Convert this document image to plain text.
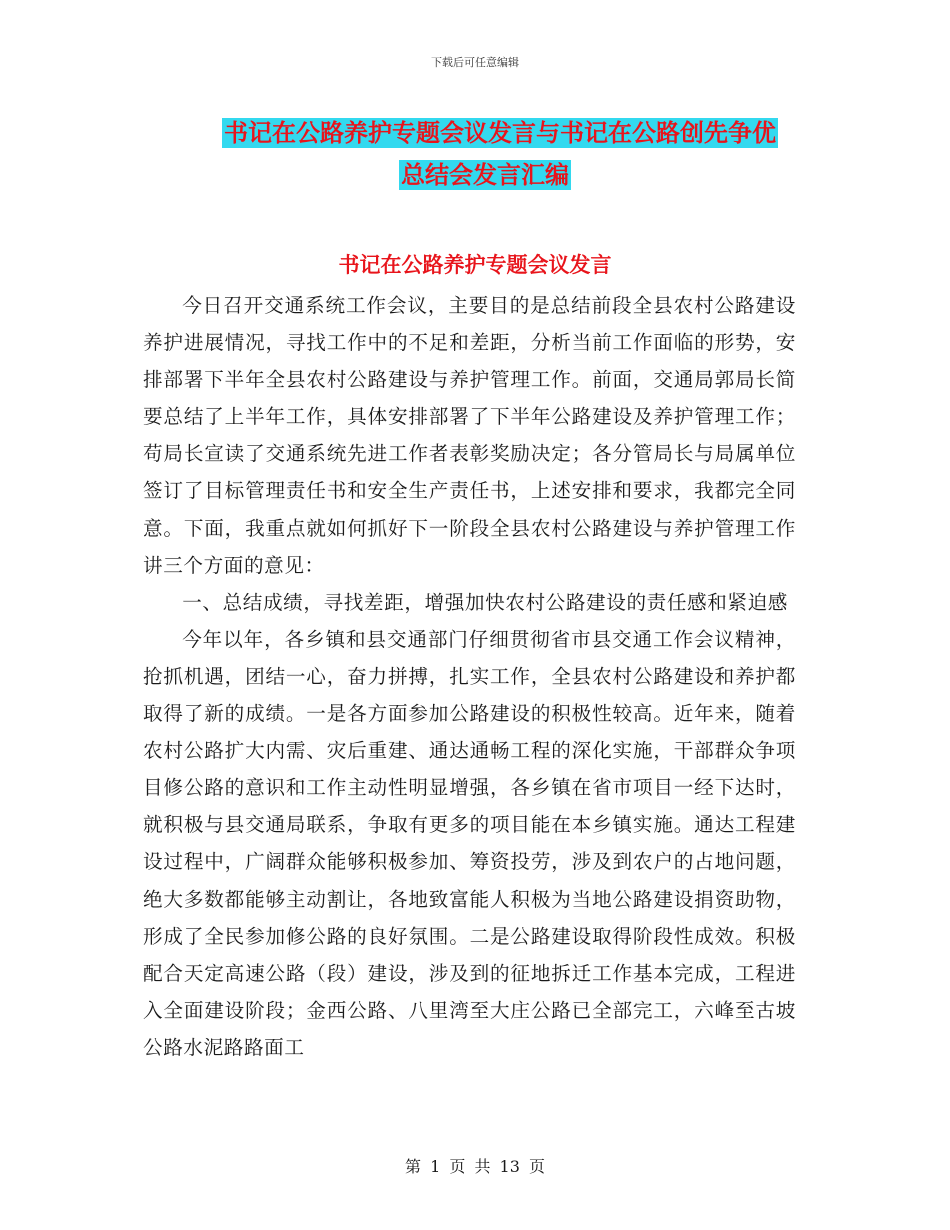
下载后可任意编辑
书记在公路养护专题会议发言与书记在公路创先争优
总结会发言汇编
书记在公路养护专题会议发言

今日召开交通系统工作会议，主要目的是总结前段全县农村公路建设养护进展情况，寻找工作中的不足和差距，分析当前工作面临的形势，安排部署下半年全县农村公路建设与养护管理工作。前面，交通局郭局长简要总结了上半年工作，具体安排部署了下半年公路建设及养护管理工作；苟局长宣读了交通系统先进工作者表彰奖励决定；各分管局长与局属单位签订了目标管理责任书和安全生产责任书，上述安排和要求，我都完全同意。下面，我重点就如何抓好下一阶段全县农村公路建设与养护管理工作讲三个方面的意见：

一、总结成绩，寻找差距，增强加快农村公路建设的责任感和紧迫感

今年以年，各乡镇和县交通部门仔细贯彻省市县交通工作会议精神，抢抓机遇，团结一心，奋力拼搏，扎实工作，全县农村公路建设和养护都取得了新的成绩。一是各方面参加公路建设的积极性较高。近年来，随着农村公路扩大内需、灾后重建、通达通畅工程的深化实施，干部群众争项目修公路的意识和工作主动性明显增强，各乡镇在省市项目一经下达时，就积极与县交通局联系，争取有更多的项目能在本乡镇实施。通达工程建设过程中，广阔群众能够积极参加、筹资投劳，涉及到农户的占地问题，绝大多数都能够主动割让，各地致富能人积极为当地公路建设捐资助物，形成了全民参加修公路的良好氛围。二是公路建设取得阶段性成效。积极配合天定高速公路（段）建设，涉及到的征地拆迁工作基本完成，工程进入全面建设阶段；金西公路、八里湾至大庄公路已全部完工，六峰至古坡公路水泥路路面工

第 1 页 共 13 页
